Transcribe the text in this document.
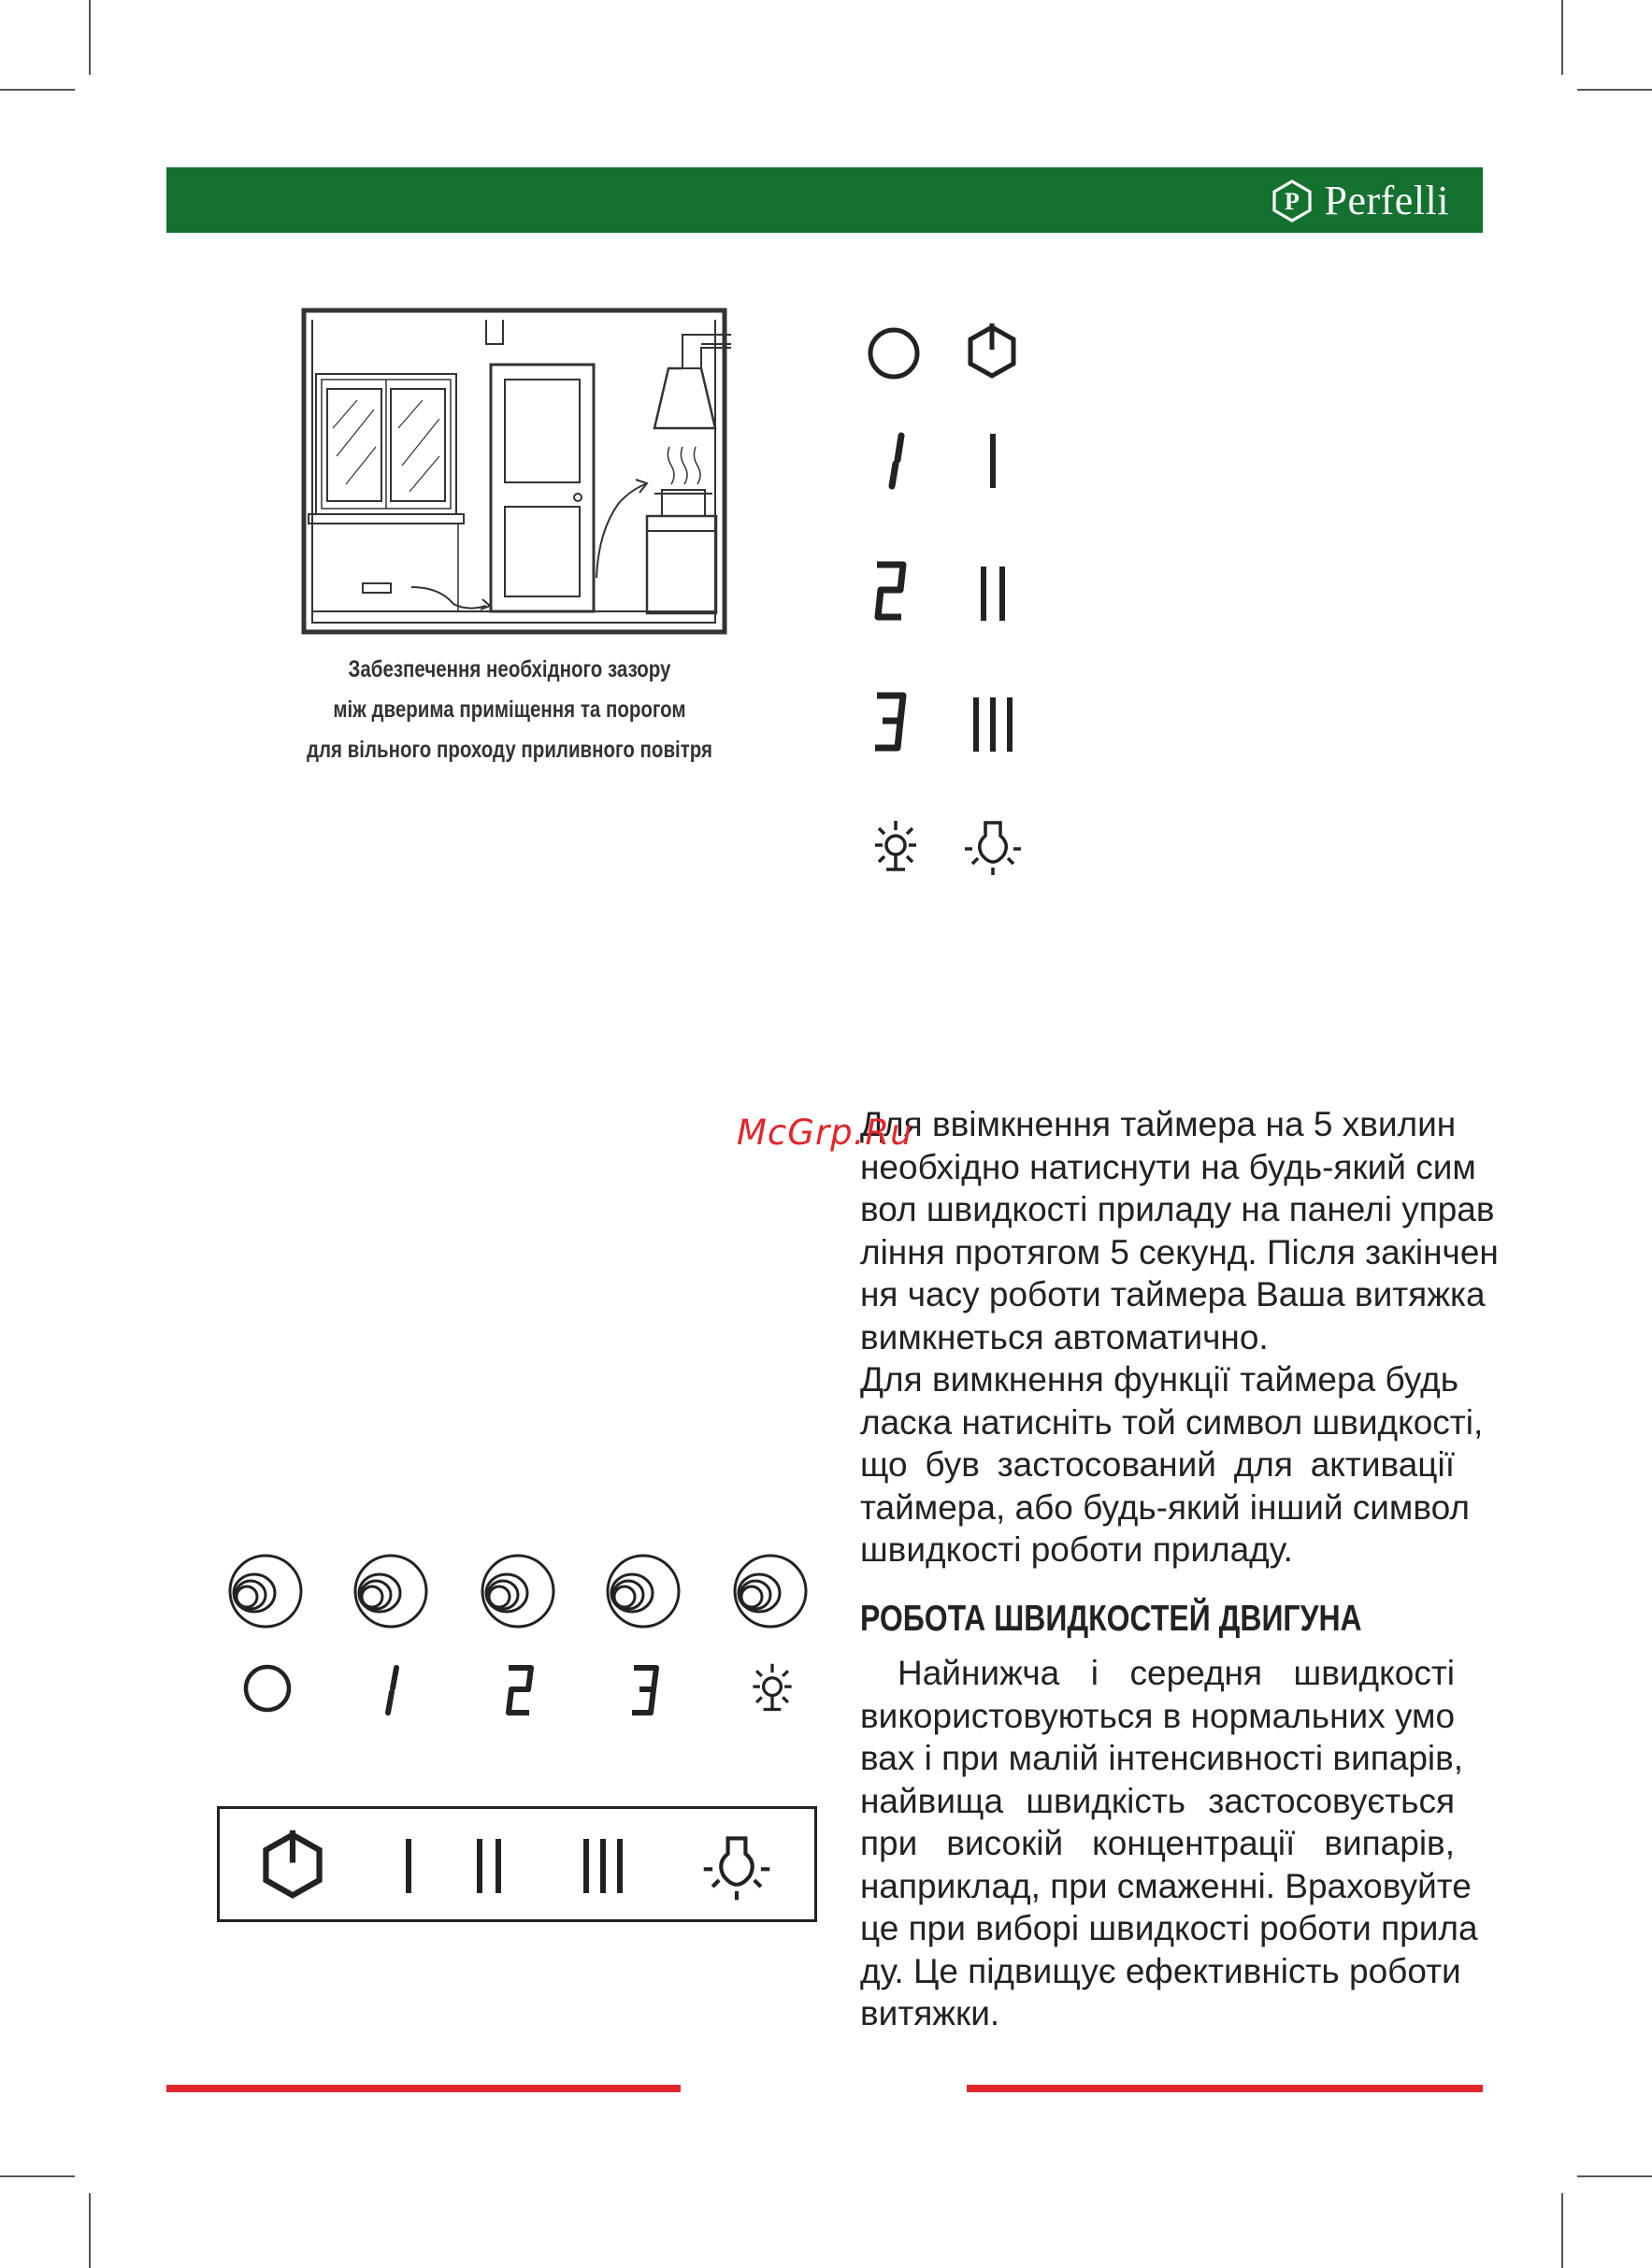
P Perfelli
Забезпечення необхідного зазору
між дверима приміщення та порогом
для вільного проходу приливного повітря
McGrp.Ru
Для ввімкнення таймера на 5 хвилин
необхідно натиснути на будь-який сим
вол швидкості приладу на панелі управ
ління протягом 5 секунд. Після закінчен
ня часу роботи таймера Ваша витяжка
вимкнеться автоматично.
Для вимкнення функції таймера будь
ласка натисніть той символ швидкості,
що був застосований для активації
таймера, або будь-який інший символ
швидкості роботи приладу.
РОБОТА ШВИДКОСТЕЙ ДВИГУНА
Найнижча і середня швидкості
використовуються в нормальних умо
вах і при малій інтенсивності випарів,
найвища швидкість застосовується
при високій концентрації випарів,
наприклад, при смаженні. Враховуйте
це при виборі швидкості роботи прила
ду. Це підвищує ефективність роботи
витяжки.
